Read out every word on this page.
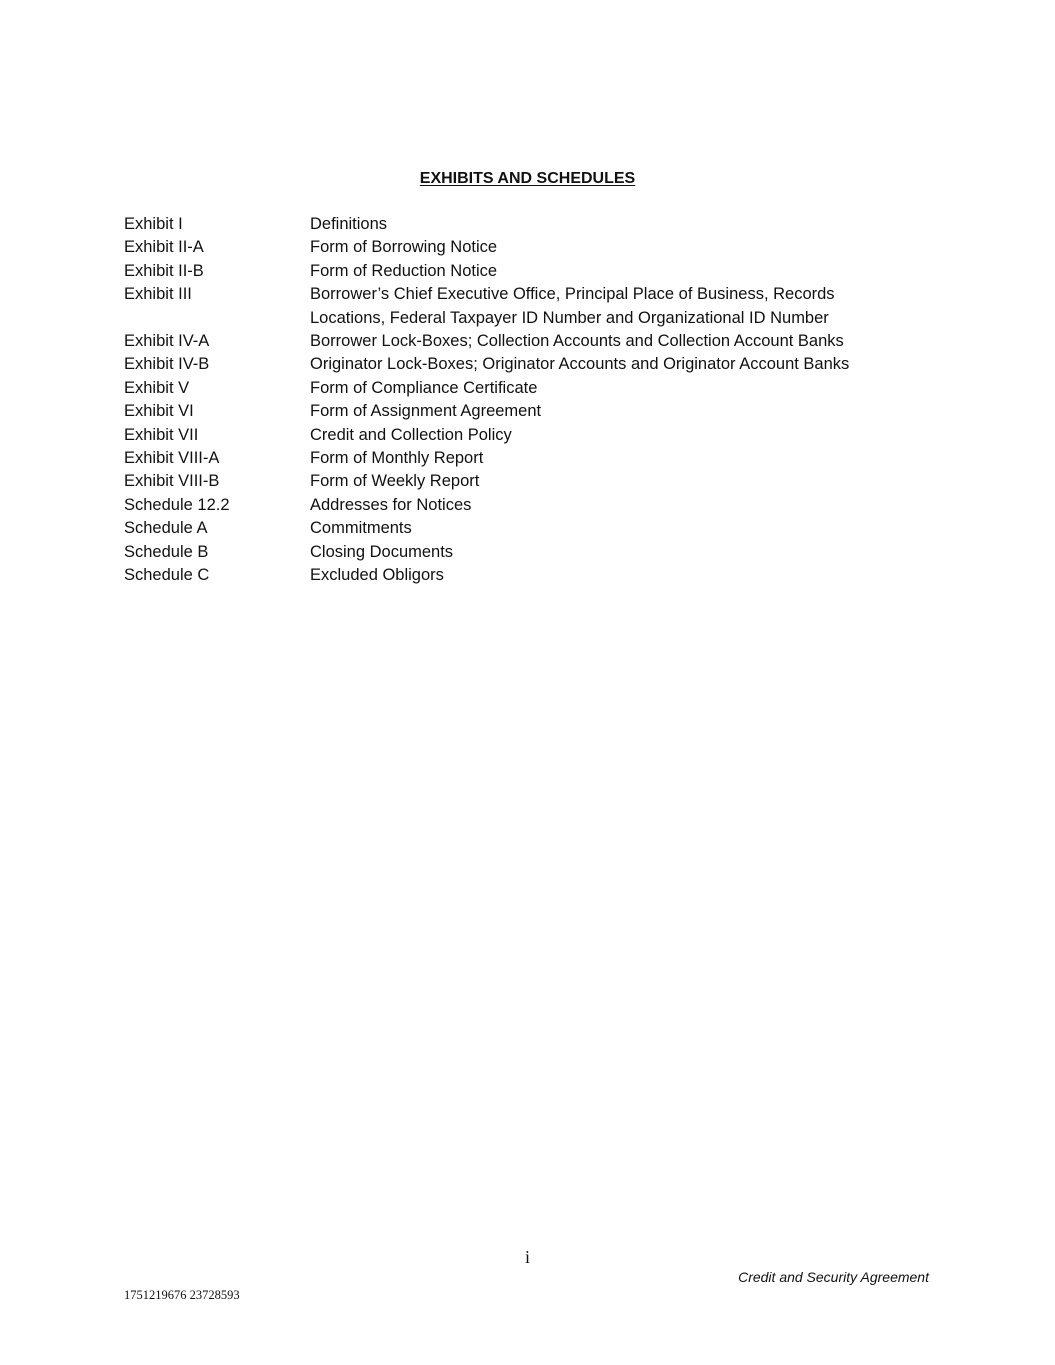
EXHIBITS AND SCHEDULES
Exhibit I	Definitions
Exhibit II-A	Form of Borrowing Notice
Exhibit II-B	Form of Reduction Notice
Exhibit III	Borrower’s Chief Executive Office, Principal Place of Business, Records Locations, Federal Taxpayer ID Number and Organizational ID Number
Exhibit IV-A	Borrower Lock-Boxes; Collection Accounts and Collection Account Banks
Exhibit IV-B	Originator Lock-Boxes; Originator Accounts and Originator Account Banks
Exhibit V	Form of Compliance Certificate
Exhibit VI	Form of Assignment Agreement
Exhibit VII	Credit and Collection Policy
Exhibit VIII-A	Form of Monthly Report
Exhibit VIII-B	Form of Weekly Report
Schedule 12.2	Addresses for Notices
Schedule A	Commitments
Schedule B	Closing Documents
Schedule C	Excluded Obligors
i
Credit and Security Agreement
1751219676 23728593
